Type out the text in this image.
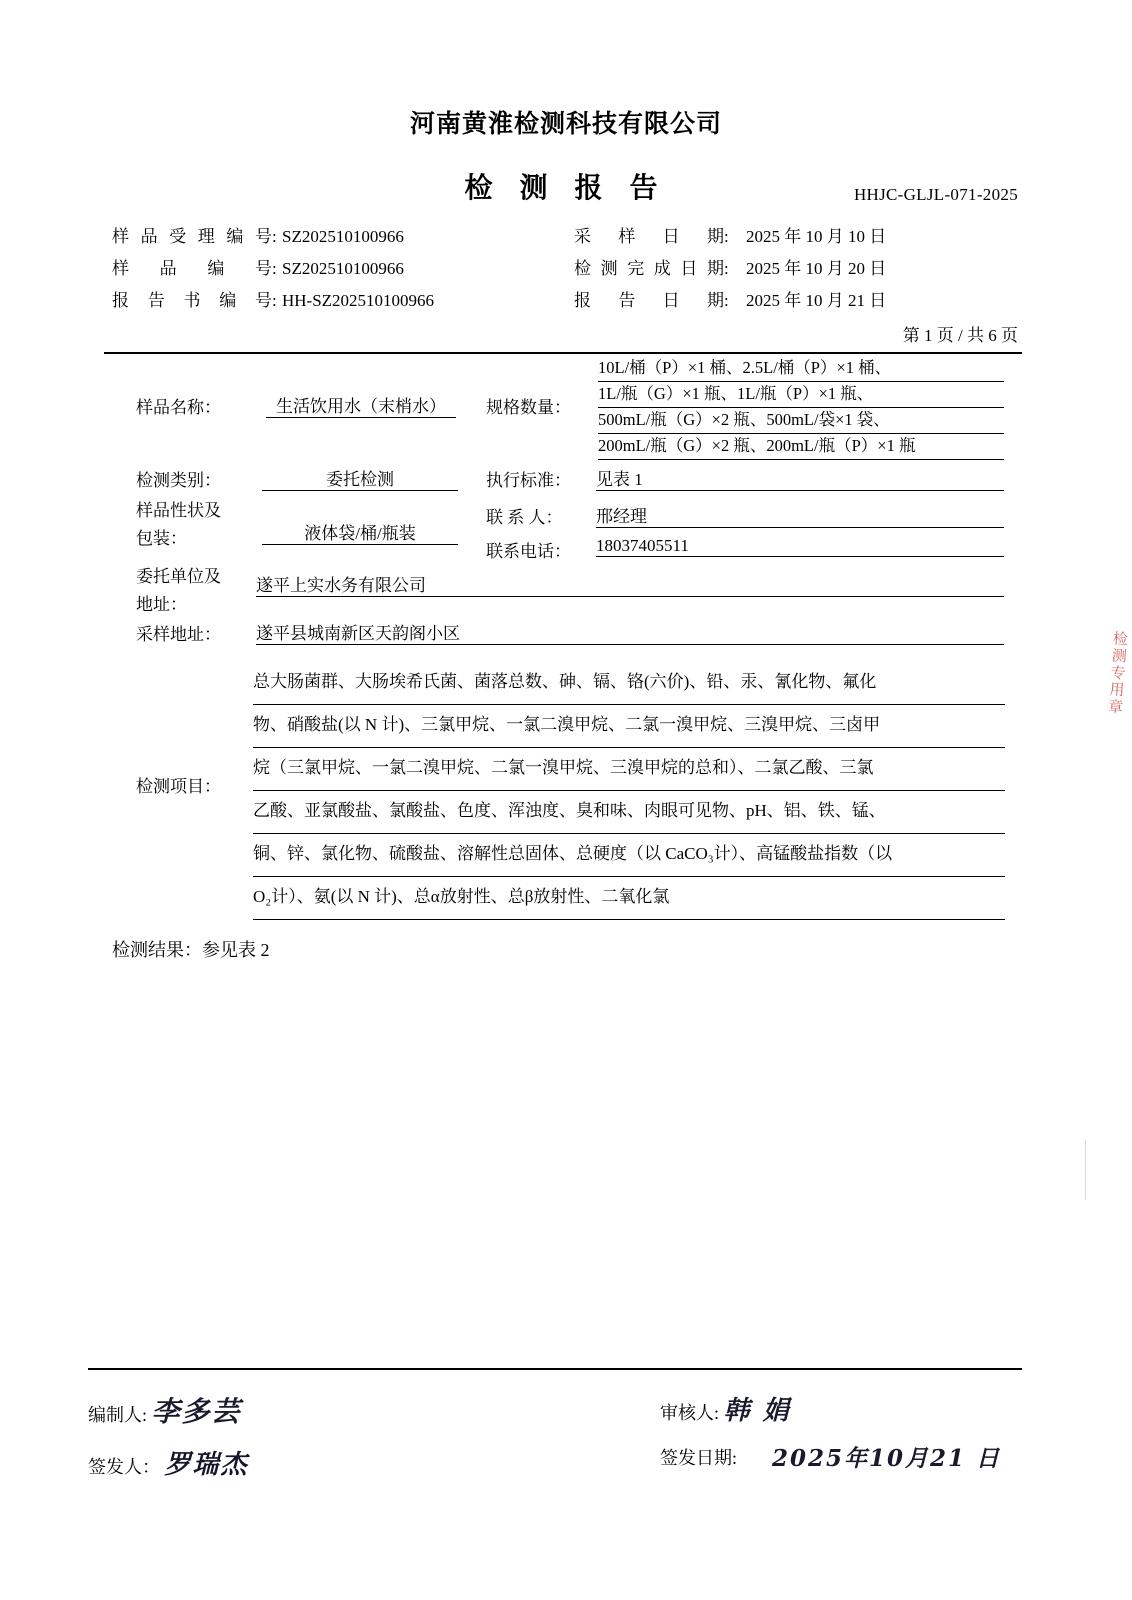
河南黄淮检测科技有限公司
检 测 报 告	HHJC-GLJL-071-2025
样品受理编号 : SZ202510100966	采 样 日 期 :	2025 年 10 月 10 日
样 品 编 号 : SZ202510100966	检测完成日期 :	2025 年 10 月 20 日
报 告 书 编 号 : HH-SZ202510100966	报 告 日 期 :	2025 年 10 月 21 日
第 1 页 / 共 6 页
样品名称：	生活饮用水（末梢水）	规格数量：
10L/桶（P）×1 桶、2.5L/桶（P）×1 桶、
1L/瓶（G）×1 瓶、1L/瓶（P）×1 瓶、
500mL/瓶（G）×2 瓶、500mL/袋×1 袋、
200mL/瓶（G）×2 瓶、200mL/瓶（P）×1 瓶
检测类别：	委托检测	执行标准： 见表 1
样品性状及
包装：	液体袋/桶/瓶装
联 系 人： 邢经理
联系电话： 18037405511
委托单位及
地址：
遂平上实水务有限公司
采样地址： 遂平县城南新区天韵阁小区
检测项目：
总大肠菌群、大肠埃希氏菌、菌落总数、砷、镉、铬(六价)、铅、汞、氰化物、氟化
物、硝酸盐(以 N 计)、三氯甲烷、一氯二溴甲烷、二氯一溴甲烷、三溴甲烷、三卤甲
烷（三氯甲烷、一氯二溴甲烷、二氯一溴甲烷、三溴甲烷的总和）、二氯乙酸、三氯
乙酸、亚氯酸盐、氯酸盐、色度、浑浊度、臭和味、肉眼可见物、pH、铝、铁、锰、
铜、锌、氯化物、硫酸盐、溶解性总固体、总硬度（以 CaCO₃计）、高锰酸盐指数（以
O₂计）、氨(以 N 计)、总α放射性、总β放射性、二氧化氯
检测结果：参见表 2
检测专用章
编制人: 李多芸	审核人: 韩 娟
签发人： 罗瑞杰	签发日期: 2025年10月21 日
